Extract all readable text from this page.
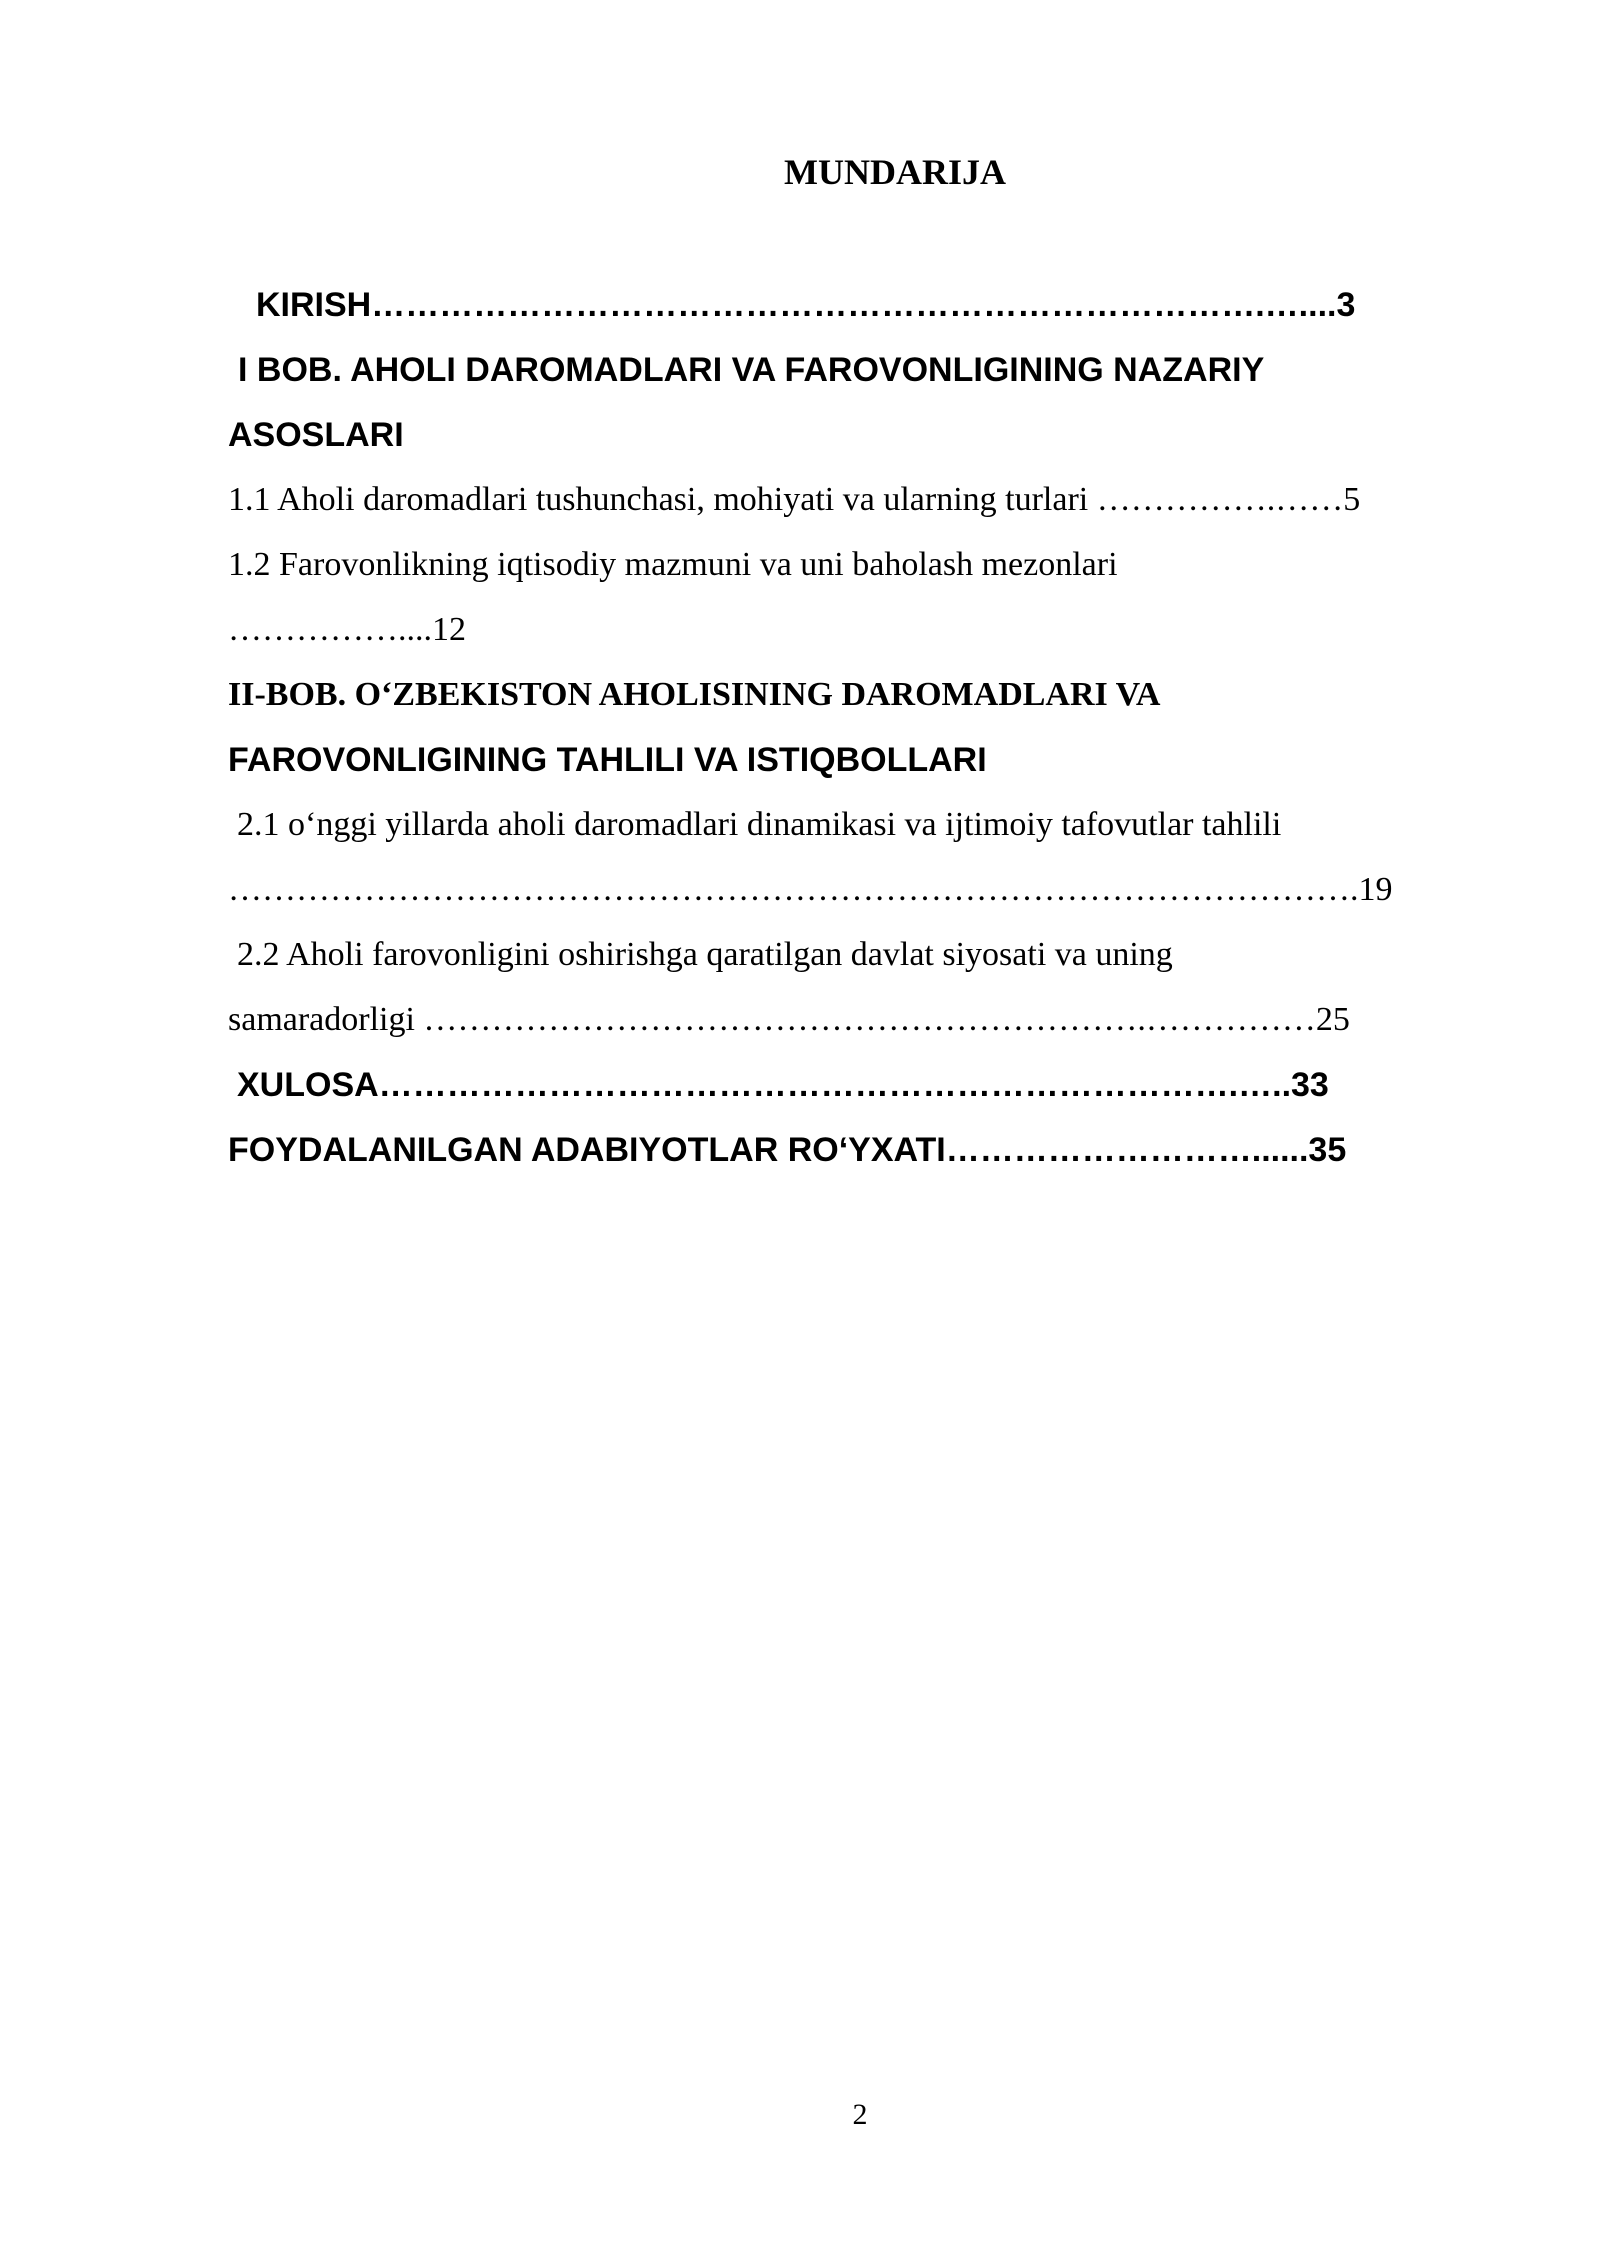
MUNDARIJA
KIRISH…………………………………………………………………….…....3
I BOB. AHOLI DAROMADLARI VA FAROVONLIGINING NAZARIY
ASOSLARI
1.1 Aholi daromadlari tushunchasi, mohiyati va ularning turlari …………….……5
1.2 Farovonlikning iqtisodiy mazmuni va uni baholash mezonlari
……………....12
II-BOB. O‘ZBEKISTON AHOLISINING DAROMADLARI VA
FAROVONLIGINING TAHLILI VA ISTIQBOLLARI
2.1 o‘nggi yillarda aholi daromadlari dinamikasi va ijtimoiy tafovutlar tahlili
……………………………………………………………………………………….19
2.2 Aholi farovonligini oshirishga qaratilgan davlat siyosati va uning
samaradorligi ……………………………………………………….……………25
XULOSA………………………………………………………………….…..33
FOYDALANILGAN ADABIYOTLAR RO‘YXATI………………………......35
2
